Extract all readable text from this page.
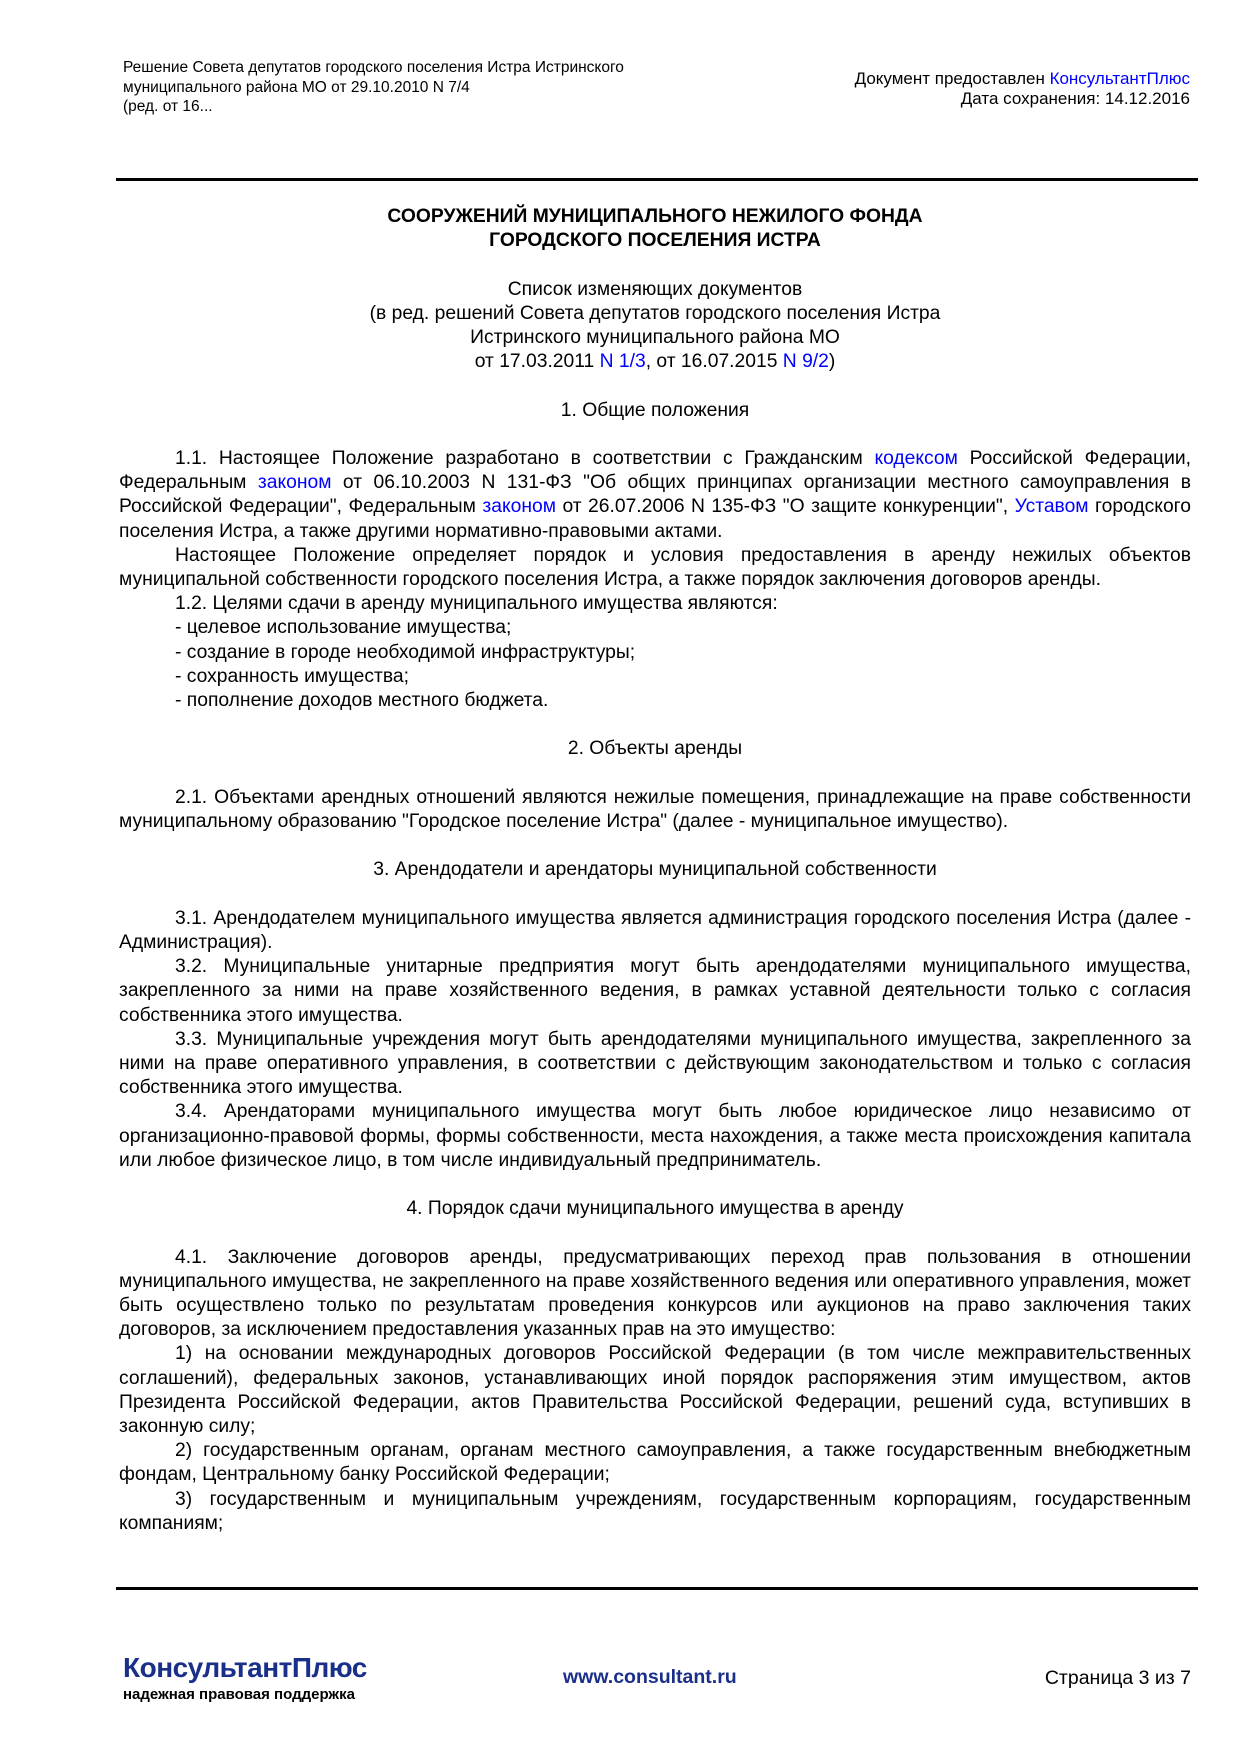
Решение Совета депутатов городского поселения Истра Истринского
муниципального района МО от 29.10.2010 N 7/4
(ред. от 16...
Документ предоставлен КонсультантПлюс
Дата сохранения: 14.12.2016
СООРУЖЕНИЙ МУНИЦИПАЛЬНОГО НЕЖИЛОГО ФОНДА
ГОРОДСКОГО ПОСЕЛЕНИЯ ИСТРА
Список изменяющих документов
(в ред. решений Совета депутатов городского поселения Истра
Истринского муниципального района МО
от 17.03.2011 N 1/3, от 16.07.2015 N 9/2)
1. Общие положения
1.1. Настоящее Положение разработано в соответствии с Гражданским кодексом Российской Федерации, Федеральным законом от 06.10.2003 N 131-ФЗ "Об общих принципах организации местного самоуправления в Российской Федерации", Федеральным законом от 26.07.2006 N 135-ФЗ "О защите конкуренции", Уставом городского поселения Истра, а также другими нормативно-правовыми актами.
Настоящее Положение определяет порядок и условия предоставления в аренду нежилых объектов муниципальной собственности городского поселения Истра, а также порядок заключения договоров аренды.
1.2. Целями сдачи в аренду муниципального имущества являются:
- целевое использование имущества;
- создание в городе необходимой инфраструктуры;
- сохранность имущества;
- пополнение доходов местного бюджета.
2. Объекты аренды
2.1. Объектами арендных отношений являются нежилые помещения, принадлежащие на праве собственности муниципальному образованию "Городское поселение Истра" (далее - муниципальное имущество).
3. Арендодатели и арендаторы муниципальной собственности
3.1. Арендодателем муниципального имущества является администрация городского поселения Истра (далее - Администрация).
3.2. Муниципальные унитарные предприятия могут быть арендодателями муниципального имущества, закрепленного за ними на праве хозяйственного ведения, в рамках уставной деятельности только с согласия собственника этого имущества.
3.3. Муниципальные учреждения могут быть арендодателями муниципального имущества, закрепленного за ними на праве оперативного управления, в соответствии с действующим законодательством и только с согласия собственника этого имущества.
3.4. Арендаторами муниципального имущества могут быть любое юридическое лицо независимо от организационно-правовой формы, формы собственности, места нахождения, а также места происхождения капитала или любое физическое лицо, в том числе индивидуальный предприниматель.
4. Порядок сдачи муниципального имущества в аренду
4.1. Заключение договоров аренды, предусматривающих переход прав пользования в отношении муниципального имущества, не закрепленного на праве хозяйственного ведения или оперативного управления, может быть осуществлено только по результатам проведения конкурсов или аукционов на право заключения таких договоров, за исключением предоставления указанных прав на это имущество:
1) на основании международных договоров Российской Федерации (в том числе межправительственных соглашений), федеральных законов, устанавливающих иной порядок распоряжения этим имуществом, актов Президента Российской Федерации, актов Правительства Российской Федерации, решений суда, вступивших в законную силу;
2) государственным органам, органам местного самоуправления, а также государственным внебюджетным фондам, Центральному банку Российской Федерации;
3) государственным и муниципальным учреждениям, государственным корпорациям, государственным компаниям;
КонсультантПлюс
надежная правовая поддержка
www.consultant.ru	Страница 3 из 7
